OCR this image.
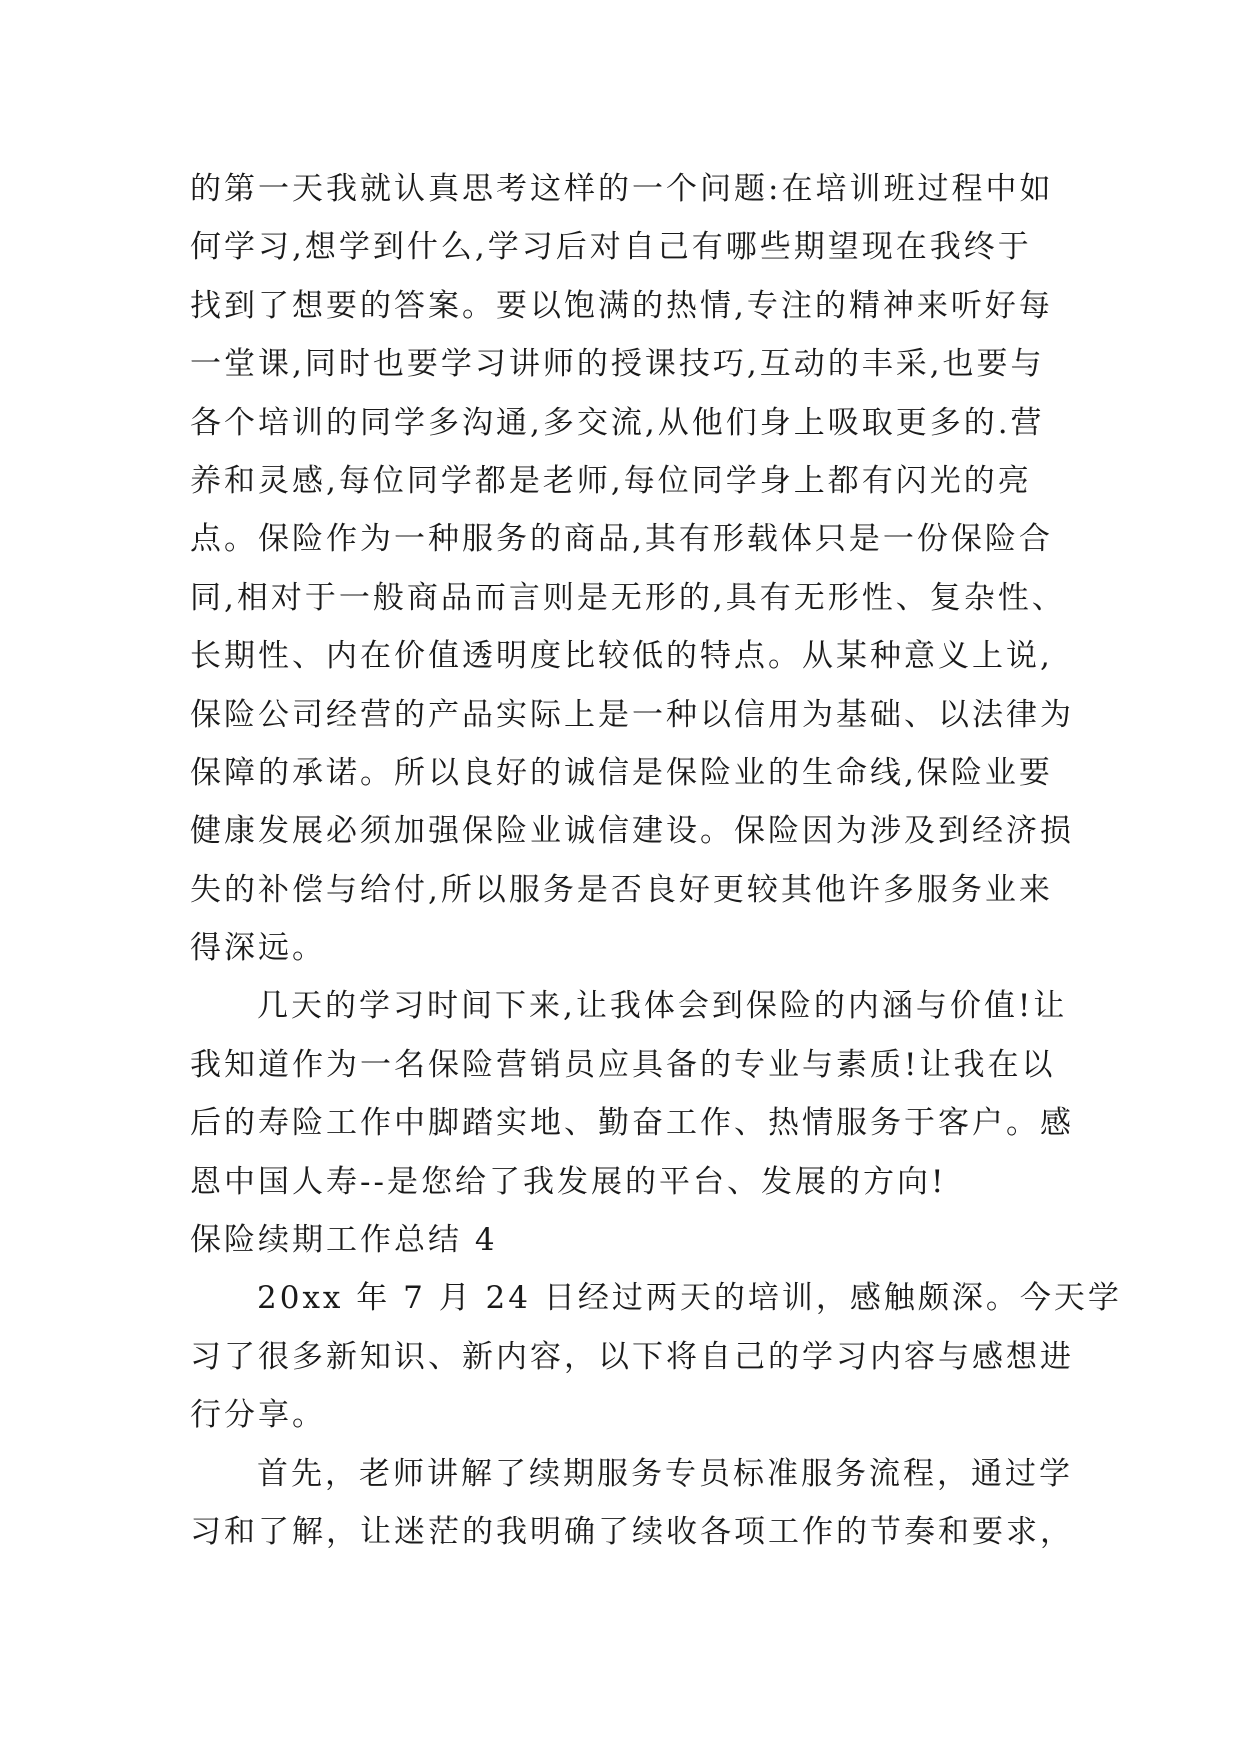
的第一天我就认真思考这样的一个问题:在培训班过程中如
何学习,想学到什么,学习后对自己有哪些期望现在我终于
找到了想要的答案。要以饱满的热情,专注的精神来听好每
一堂课,同时也要学习讲师的授课技巧,互动的丰采,也要与
各个培训的同学多沟通,多交流,从他们身上吸取更多的.营
养和灵感,每位同学都是老师,每位同学身上都有闪光的亮
点。保险作为一种服务的商品,其有形载体只是一份保险合
同,相对于一般商品而言则是无形的,具有无形性、复杂性、
长期性、内在价值透明度比较低的特点。从某种意义上说,
保险公司经营的产品实际上是一种以信用为基础、以法律为
保障的承诺。所以良好的诚信是保险业的生命线,保险业要
健康发展必须加强保险业诚信建设。保险因为涉及到经济损
失的补偿与给付,所以服务是否良好更较其他许多服务业来
得深远。
几天的学习时间下来,让我体会到保险的内涵与价值!让
我知道作为一名保险营销员应具备的专业与素质!让我在以
后的寿险工作中脚踏实地、勤奋工作、热情服务于客户。感
恩中国人寿--是您给了我发展的平台、发展的方向!
保险续期工作总结 4
20xx 年 7 月 24 日经过两天的培训，感触颇深。今天学
习了很多新知识、新内容，以下将自己的学习内容与感想进
行分享。
首先，老师讲解了续期服务专员标准服务流程，通过学
习和了解，让迷茫的我明确了续收各项工作的节奏和要求，
